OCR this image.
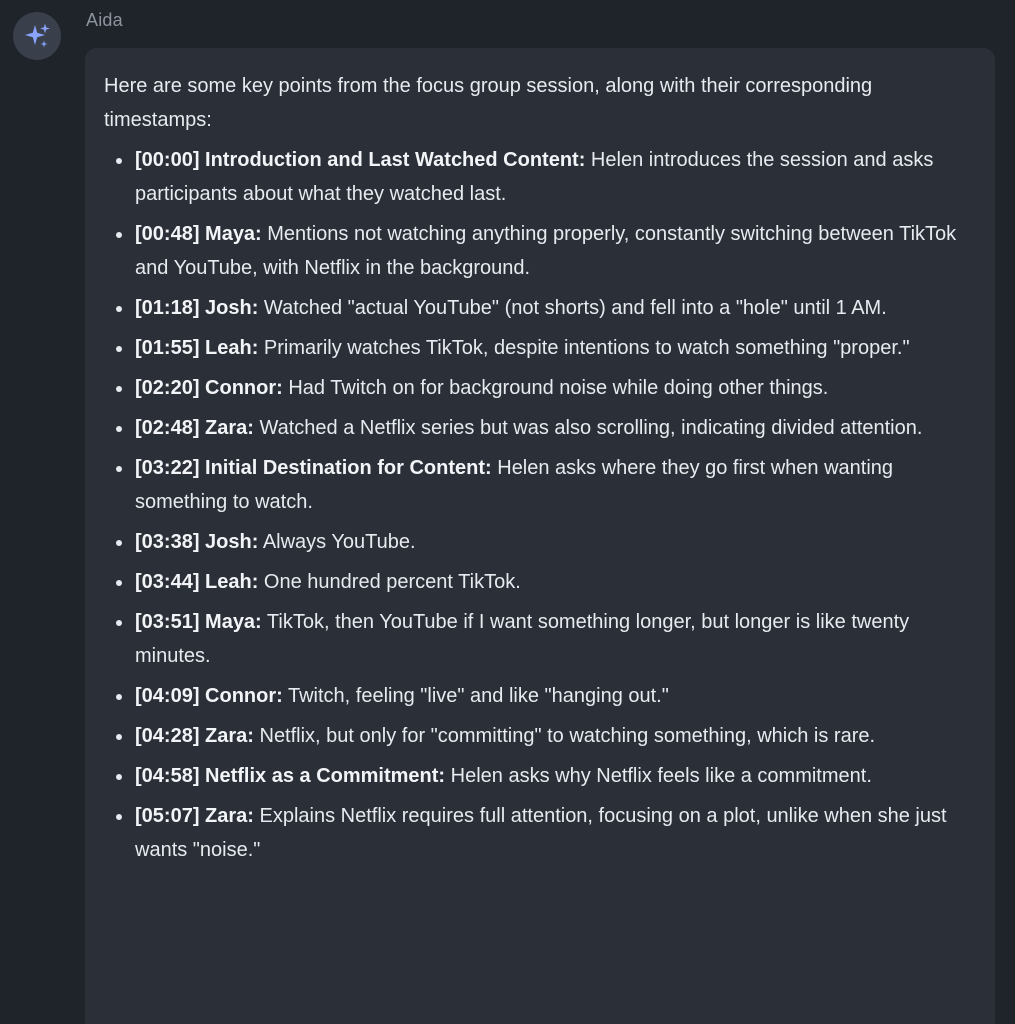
Aida

Here are some key points from the focus group session, along with their corresponding timestamps:

[00:00] Introduction and Last Watched Content: Helen introduces the session and asks participants about what they watched last.
[00:48] Maya: Mentions not watching anything properly, constantly switching between TikTok and YouTube, with Netflix in the background.
[01:18] Josh: Watched "actual YouTube" (not shorts) and fell into a "hole" until 1 AM.
[01:55] Leah: Primarily watches TikTok, despite intentions to watch something "proper."
[02:20] Connor: Had Twitch on for background noise while doing other things.
[02:48] Zara: Watched a Netflix series but was also scrolling, indicating divided attention.
[03:22] Initial Destination for Content: Helen asks where they go first when wanting something to watch.
[03:38] Josh: Always YouTube.
[03:44] Leah: One hundred percent TikTok.
[03:51] Maya: TikTok, then YouTube if I want something longer, but longer is like twenty minutes.
[04:09] Connor: Twitch, feeling "live" and like "hanging out."
[04:28] Zara: Netflix, but only for "committing" to watching something, which is rare.
[04:58] Netflix as a Commitment: Helen asks why Netflix feels like a commitment.
[05:07] Zara: Explains Netflix requires full attention, focusing on a plot, unlike when she just wants "noise."
